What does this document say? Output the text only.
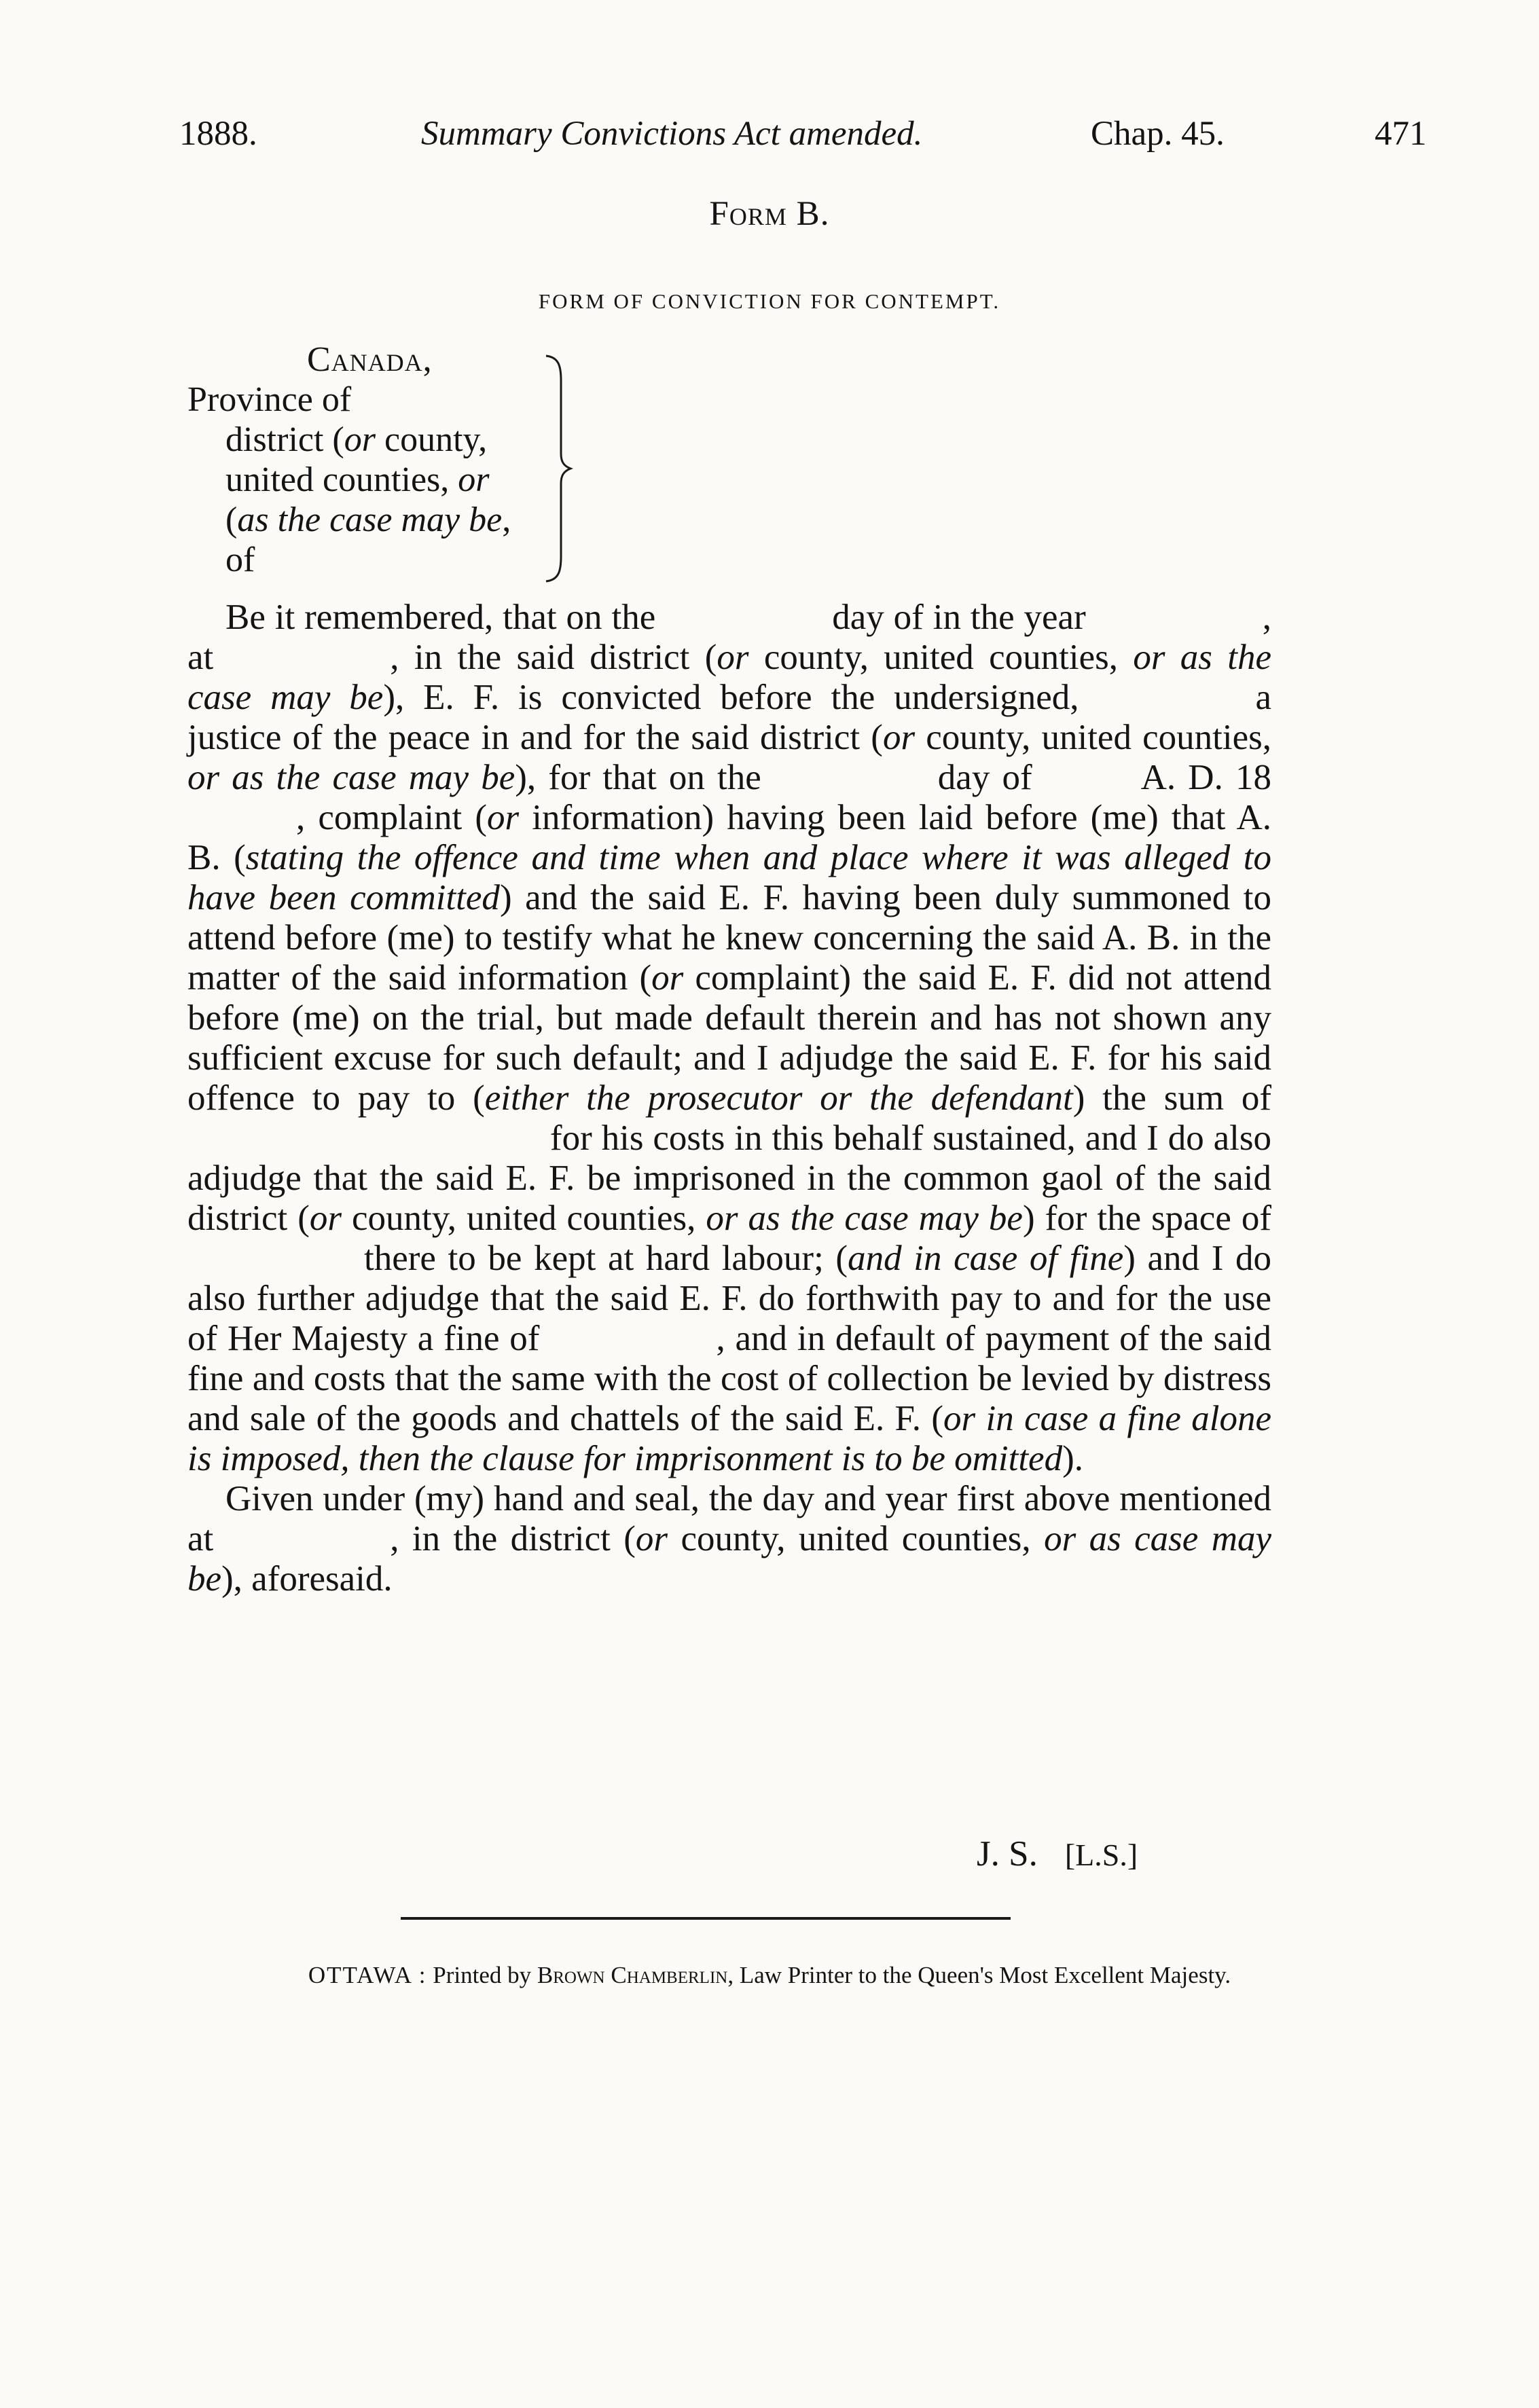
1888.	Summary Convictions Act amended.	Chap. 45.	471
Form B.
FORM OF CONVICTION FOR CONTEMPT.
Canada,
Province of
district (or county,
united counties, or
(as the case may be,
of

Be it remembered, that on the	day of in the year	, at	, in the said district (or county, united counties, or as the case may be), E. F. is convicted before the undersigned,	a justice of the peace in and for the said district (or county, united counties, or as the case may be), for that on the	day of	A. D. 18, complaint (or information) having been laid before (me) that A. B. (stating the offence and time when and place where it was alleged to have been committed) and the said E. F. having been duly summoned to attend before (me) to testify what he knew concerning the said A. B. in the matter of the said information (or complaint) the said E. F. did not attend before (me) on the trial, but made default therein and has not shown any sufficient excuse for such default; and I adjudge the said E. F. for his said offence to pay to (either the prosecutor or the defendant) the sum of for his costs in this behalf sustained, and I do also adjudge that the said E. F. be imprisoned in the common gaol of the said district (or county, united counties, or as the case may be) for the space ofthere to be kept at hard labour; (and in case of fine) and I do also further adjudge that the said E. F. do forthwith pay to and for the use of Her Majesty a fine of	, and in default of payment of the said fine and costs that the same with the cost of collection be levied by distress and sale of the goods and chattels of the said E. F. (or in case a fine alone is imposed, then the clause for imprisonment is to be omitted).

Given under (my) hand and seal, the day and year first above mentioned at	, in the district (or county, united counties, or as case may be), aforesaid.

J. S. [L.S.]
OTTAWA : Printed by Brown Chamberlin, Law Printer to the Queen's Most Excellent Majesty.
